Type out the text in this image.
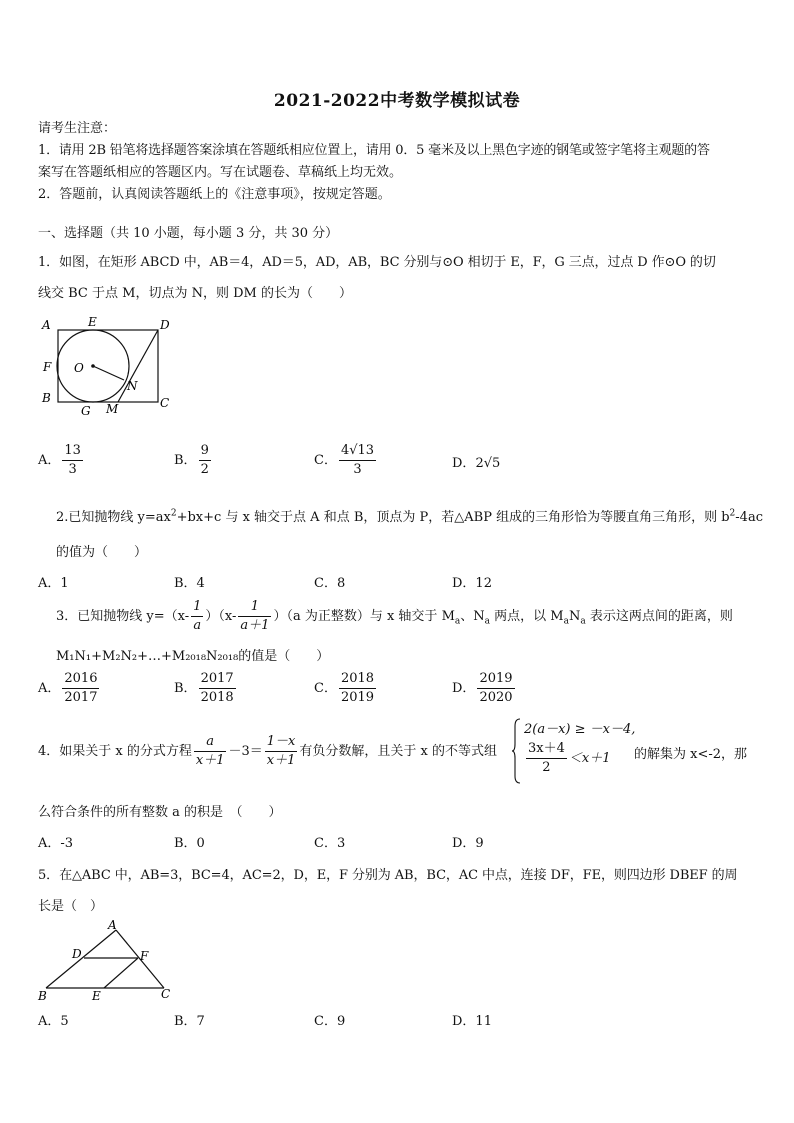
2021-2022中考数学模拟试卷
请考生注意：
1．请用 2B 铅笔将选择题答案涂填在答题纸相应位置上，请用 0．5 毫米及以上黑色字迹的钢笔或签字笔将主观题的答
案写在答题纸相应的答题区内。写在试题卷、草稿纸上均无效。
2．答题前，认真阅读答题纸上的《注意事项》，按规定答题。
一、选择题（共 10 小题，每小题 3 分，共 30 分）
1．如图，在矩形 ABCD 中，AB＝4，AD＝5，AD，AB，BC 分别与⊙O 相切于 E，F，G 三点，过点 D 作⊙O 的切
线交 BC 于点 M，切点为 N，则 DM 的长为（　　）
A	E	D
F O
N
B
G M	C
A． $\frac{13}{3}$	B． $\frac{9}{2}$	C． $\frac{4√13}{3}$	D．2√5
2.已知抛物线 $y=ax^2+bx+c$ 与 x 轴交于点 A 和点 B，顶点为 P，若△ABP 组成的三角形恰为等腰直角三角形，则 $b^2-4ac$
的值为（　　）
A．1	B．4	C．8	D．12
3．已知抛物线 $y=(x- \frac{1}{a} )(x- \frac{1}{a+1} )(a$ 为正整数）与 x 轴交于 $M_a$、$N_a$ 两点，以 $M_aN_a$ 表示这两点间的距离，则
M₁N₁+M₂N₂+…+M₂₀₁₈N₂₀₁₈的值是（　　）
A． $\frac{2016}{2017}$	B． $\frac{2017}{2018}$	C． $\frac{2018}{2019}$	D． $\frac{2019}{2020}$
4．如果关于 x 的分式方程 $\frac{a}{x+1} -3= \frac{1-x}{x+1}$ 有负分数解，且关于 x 的不等式组
2(a－x) ≥ －x－4,
$\frac{3x+4}{2} <x+1$ 的解集为 x<-2，那
么符合条件的所有整数 a 的积是　（　　）
A．-3	B．0	C．3	D．9
5．在△ABC 中，AB=3，BC=4，AC=2，D，E，F 分别为 AB，BC，AC 中点，连接 DF，FE，则四边形 DBEF 的周
长是（　）
A
D	F
B	E	C
A．5	B．7	C．9	D．11
